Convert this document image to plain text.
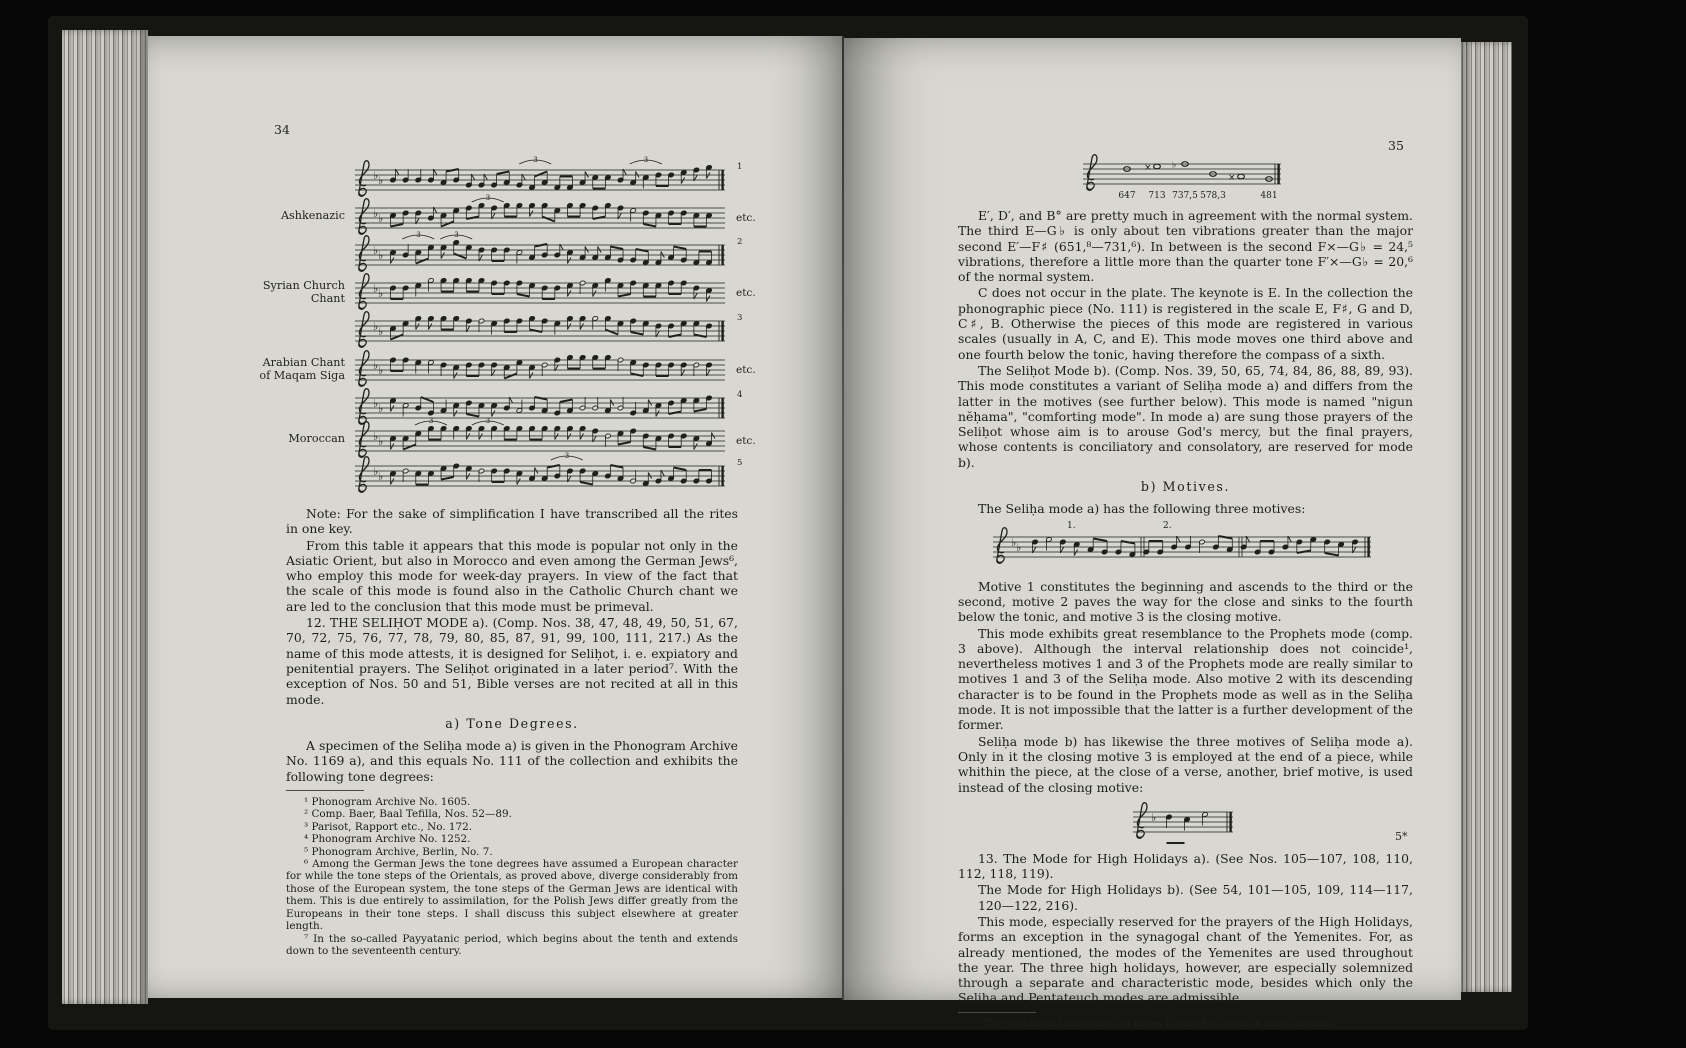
34
♭ ♭
3	3
1
Ashkenazic	♭ ♭
3
etc.
♭ ♭
3	3
2
Syrian Church
Chant
♭ ♭	etc.
♭ ♭
3
Arabian Chant
of Maqam Siga
♭ ♭	etc.
♭ ♭
4
Moroccan	♭ ♭
3	3
etc.
♭ ♭
3
5

Note: For the sake of simplification I have transcribed all the rites in one key.

From this table it appears that this mode is popular not only in the Asiatic Orient, but also in Morocco and even among the German Jews⁶, who employ this mode for week-day prayers. In view of the fact that the scale of this mode is found also in the Catholic Church chant we are led to the conclusion that this mode must be primeval.

12. THE SELIḤOT MODE a). (Comp. Nos. 38, 47, 48, 49, 50, 51, 67, 70, 72, 75, 76, 77, 78, 79, 80, 85, 87, 91, 99, 100, 111, 217.) As the name of this mode attests, it is designed for Seliḥot, i. e. expiatory and penitential prayers. The Seliḥot originated in a later period⁷. With the exception of Nos. 50 and 51, Bible verses are not recited at all in this mode.

a) Tone Degrees.

A specimen of the Seliḥa mode a) is given in the Phonogram Archive No. 1169 a), and this equals No. 111 of the collection and exhibits the following tone degrees:

¹ Phonogram Archive No. 1605.

² Comp. Baer, Baal Tefilla, Nos. 52—89.

³ Parisot, Rapport etc., No. 172.

⁴ Phonogram Archive No. 1252.

⁵ Phonogram Archive, Berlin, No. 7.

⁶ Among the German Jews the tone degrees have assumed a European character for while the tone steps of the Orientals, as proved above, diverge considerably from those of the European system, the tone steps of the German Jews are identical with them. This is due entirely to assimilation, for the Polish Jews differ greatly from the Europeans in their tone steps. I shall discuss this subject elsewhere at greater length.

⁷ In the so-called Payyatanic period, which begins about the tenth and extends down to the seventeenth century.

35
647
×
713
♭
737,5 578,3
×
481

E′, D′, and B° are pretty much in agreement with the normal system. The third E—G♭ is only about ten vibrations greater than the major second E′—F♯ (651,⁸—731,⁶). In between is the second F×—G♭ = 24,⁵ vibrations, therefore a little more than the quarter tone F′×—G♭ = 20,⁶ of the normal system.

C does not occur in the plate. The keynote is E. In the collection the phonographic piece (No. 111) is registered in the scale E, F♯, G and D, C♯, B. Otherwise the pieces of this mode are registered in various scales (usually in A, C, and E). This mode moves one third above and one fourth below the tonic, having therefore the compass of a sixth.

The Seliḥot Mode b). (Comp. Nos. 39, 50, 65, 74, 84, 86, 88, 89, 93). This mode constitutes a variant of Seliḥa mode a) and differs from the latter in the motives (see further below). This mode is named "nigun nĕḥama", "comforting mode". In mode a) are sung those prayers of the Seliḥot whose aim is to arouse God's mercy, but the final prayers, whose contents is conciliatory and consolatory, are reserved for mode b).

b) Motives.

The Seliḥa mode a) has the following three motives:

♭ ♭
1.	2.

Motive 1 constitutes the beginning and ascends to the third or the second, motive 2 paves the way for the close and sinks to the fourth below the tonic, and motive 3 is the closing motive.

This mode exhibits great resemblance to the Prophets mode (comp. 3 above). Although the interval relationship does not coincide¹, nevertheless motives 1 and 3 of the Prophets mode are really similar to motives 1 and 3 of the Seliḥa mode. Also motive 2 with its descending character is to be found in the Prophets mode as well as in the Seliḥa mode. It is not impossible that the latter is a further development of the former.

Seliḥa mode b) has likewise the three motives of Seliḥa mode a). Only in it the closing motive 3 is employed at the end of a piece, while whithin the piece, at the close of a verse, another, brief motive, is used instead of the closing motive:

♭

13. The Mode for High Holidays a). (See Nos. 105—107, 108, 110, 112, 118, 119).

The Mode for High Holidays b). (See 54, 101—105, 109, 114—117, 120—122, 216).

This mode, especially reserved for the prayers of the High Holidays, forms an exception in the synagogal chant of the Yemenites. For, as already mentioned, the modes of the Yemenites are used throughout the year. The three high holidays, however, are especially solemnized through a separate and characteristic mode, besides which only the Seliḥa and Pentateuch modes are admissible.

¹ The number of vibrations of tones D and E is alike in both motives.

5*
